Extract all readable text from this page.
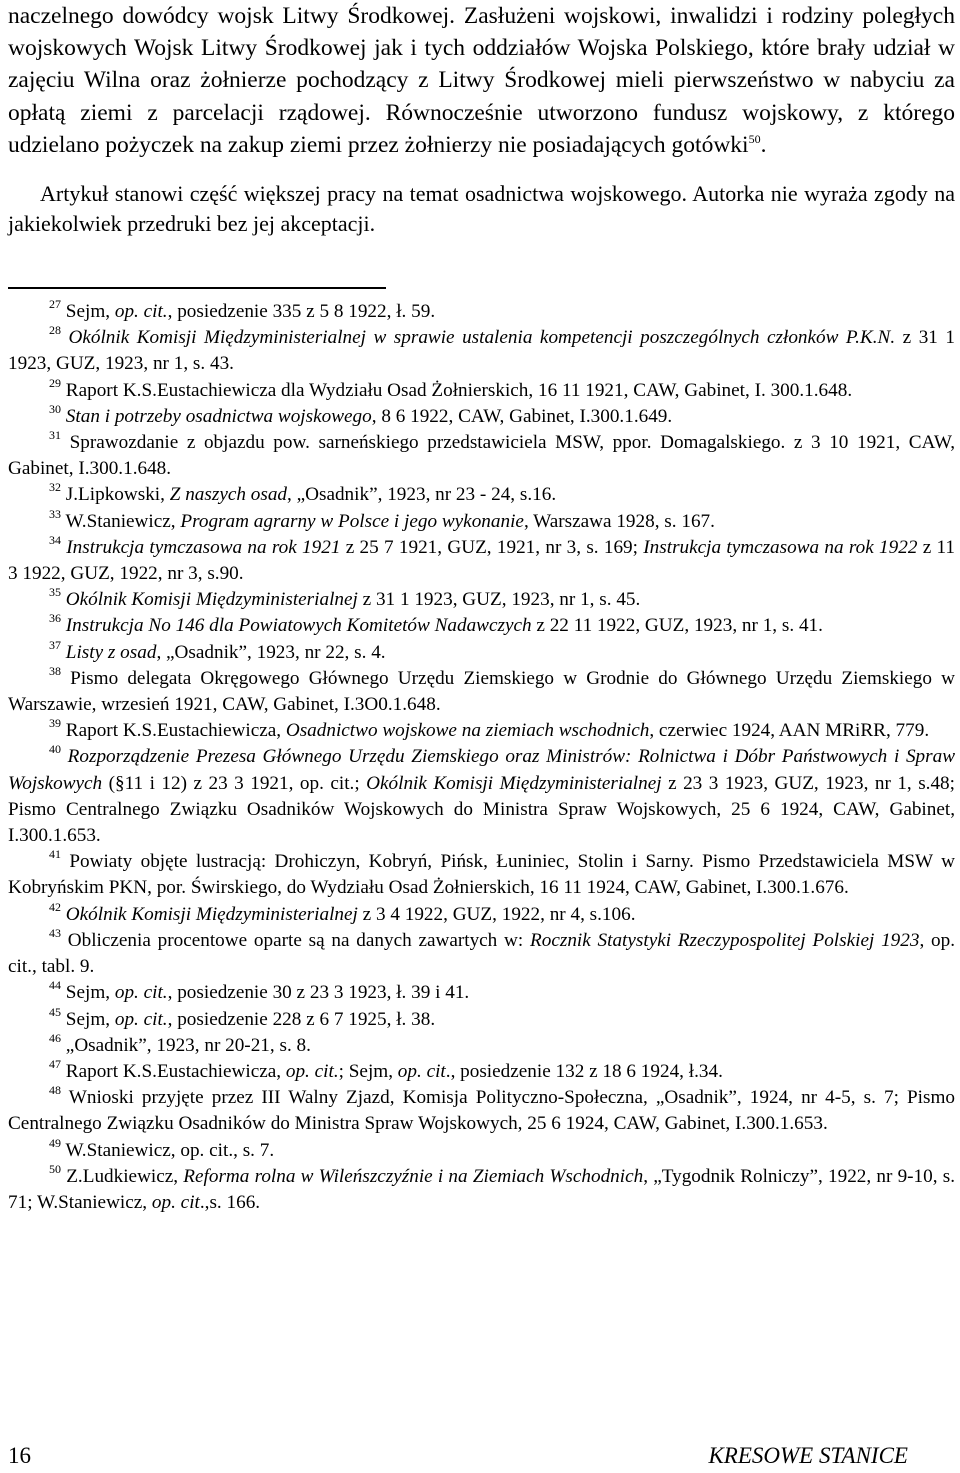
naczelnego dowódcy wojsk Litwy Środkowej. Zasłużeni wojskowi, inwalidzi i rodziny poległych wojskowych Wojsk Litwy Środkowej jak i tych oddziałów Wojska Polskiego, które brały udział w zajęciu Wilna oraz żołnierze pochodzący z Litwy Środkowej mieli pierwszeństwo w nabyciu za opłatą ziemi z parcelacji rządowej. Równocześnie utworzono fundusz wojskowy, z którego udzielano pożyczek na zakup ziemi przez żołnierzy nie posiadających gotówki$^{50}$.

Artykuł stanowi część większej pracy na temat osadnictwa wojskowego. Autorka nie wyraża zgody na jakiekolwiek przedruki bez jej akceptacji.

$^{27}$ Sejm, op. cit., posiedzenie 335 z 5 8 1922, ł. 59.

$^{28}$ Okólnik Komisji Międzyministerialnej w sprawie ustalenia kompetencji poszczególnych członków P.K.N. z 31 1 1923, GUZ, 1923, nr 1, s. 43.

$^{29}$ Raport K.S.Eustachiewicza dla Wydziału Osad Żołnierskich, 16 11 1921, CAW, Gabinet, I. 300.1.648.

$^{30}$ Stan i potrzeby osadnictwa wojskowego, 8 6 1922, CAW, Gabinet, I.300.1.649.

$^{31}$ Sprawozdanie z objazdu pow. sarneńskiego przedstawiciela MSW, ppor. Domagalskiego. z 3 10 1921, CAW, Gabinet, I.300.1.648.

$^{32}$ J.Lipkowski, Z naszych osad, „Osadnik”, 1923, nr 23 - 24, s.16.

$^{33}$ W.Staniewicz, Program agrarny w Polsce i jego wykonanie, Warszawa 1928, s. 167.

$^{34}$ Instrukcja tymczasowa na rok 1921 z 25 7 1921, GUZ, 1921, nr 3, s. 169; Instrukcja tymczasowa na rok 1922 z 11 3 1922, GUZ, 1922, nr 3, s.90.

$^{35}$ Okólnik Komisji Międzyministerialnej z 31 1 1923, GUZ, 1923, nr 1, s. 45.

$^{36}$ Instrukcja No 146 dla Powiatowych Komitetów Nadawczych z 22 11 1922, GUZ, 1923, nr 1, s. 41.

$^{37}$ Listy z osad, „Osadnik”, 1923, nr 22, s. 4.

$^{38}$ Pismo delegata Okręgowego Głównego Urzędu Ziemskiego w Grodnie do Głównego Urzędu Ziemskiego w Warszawie, wrzesień 1921, CAW, Gabinet, I.3O0.1.648.

$^{39}$ Raport K.S.Eustachiewicza, Osadnictwo wojskowe na ziemiach wschodnich, czerwiec 1924, AAN MRiRR, 779.

$^{40}$ Rozporządzenie Prezesa Głównego Urzędu Ziemskiego oraz Ministrów: Rolnictwa i Dóbr Państwowych i Spraw Wojskowych (§11 i 12) z 23 3 1921, op. cit.; Okólnik Komisji Międzyministerialnej z 23 3 1923, GUZ, 1923, nr 1, s.48; Pismo Centralnego Związku Osadników Wojskowych do Ministra Spraw Wojskowych, 25 6 1924, CAW, Gabinet, I.300.1.653.

$^{41}$ Powiaty objęte lustracją: Drohiczyn, Kobryń, Pińsk, Łuniniec, Stolin i Sarny. Pismo Przedstawiciela MSW w Kobryńskim PKN, por. Świrskiego, do Wydziału Osad Żołnierskich, 16 11 1924, CAW, Gabinet, I.300.1.676.

$^{42}$ Okólnik Komisji Międzyministerialnej z 3 4 1922, GUZ, 1922, nr 4, s.106.

$^{43}$ Obliczenia procentowe oparte są na danych zawartych w: Rocznik Statystyki Rzeczypospolitej Polskiej 1923, op. cit., tabl. 9.

$^{44}$ Sejm, op. cit., posiedzenie 30 z 23 3 1923, ł. 39 i 41.

$^{45}$ Sejm, op. cit., posiedzenie 228 z 6 7 1925, ł. 38.

$^{46}$ „Osadnik”, 1923, nr 20-21, s. 8.

$^{47}$ Raport K.S.Eustachiewicza, op. cit.; Sejm, op. cit., posiedzenie 132 z 18 6 1924, ł.34.

$^{48}$ Wnioski przyjęte przez III Walny Zjazd, Komisja Polityczno-Społeczna, „Osadnik”, 1924, nr 4-5, s. 7; Pismo Centralnego Związku Osadników do Ministra Spraw Wojskowych, 25 6 1924, CAW, Gabinet, I.300.1.653.

$^{49}$ W.Staniewicz, op. cit., s. 7.

$^{50}$ Z.Ludkiewicz, Reforma rolna w Wileńszczyźnie i na Ziemiach Wschodnich, „Tygodnik Rolniczy”, 1922, nr 9-10, s. 71; W.Staniewicz, op. cit.,s. 166.

16	KRESOWE STANICE
